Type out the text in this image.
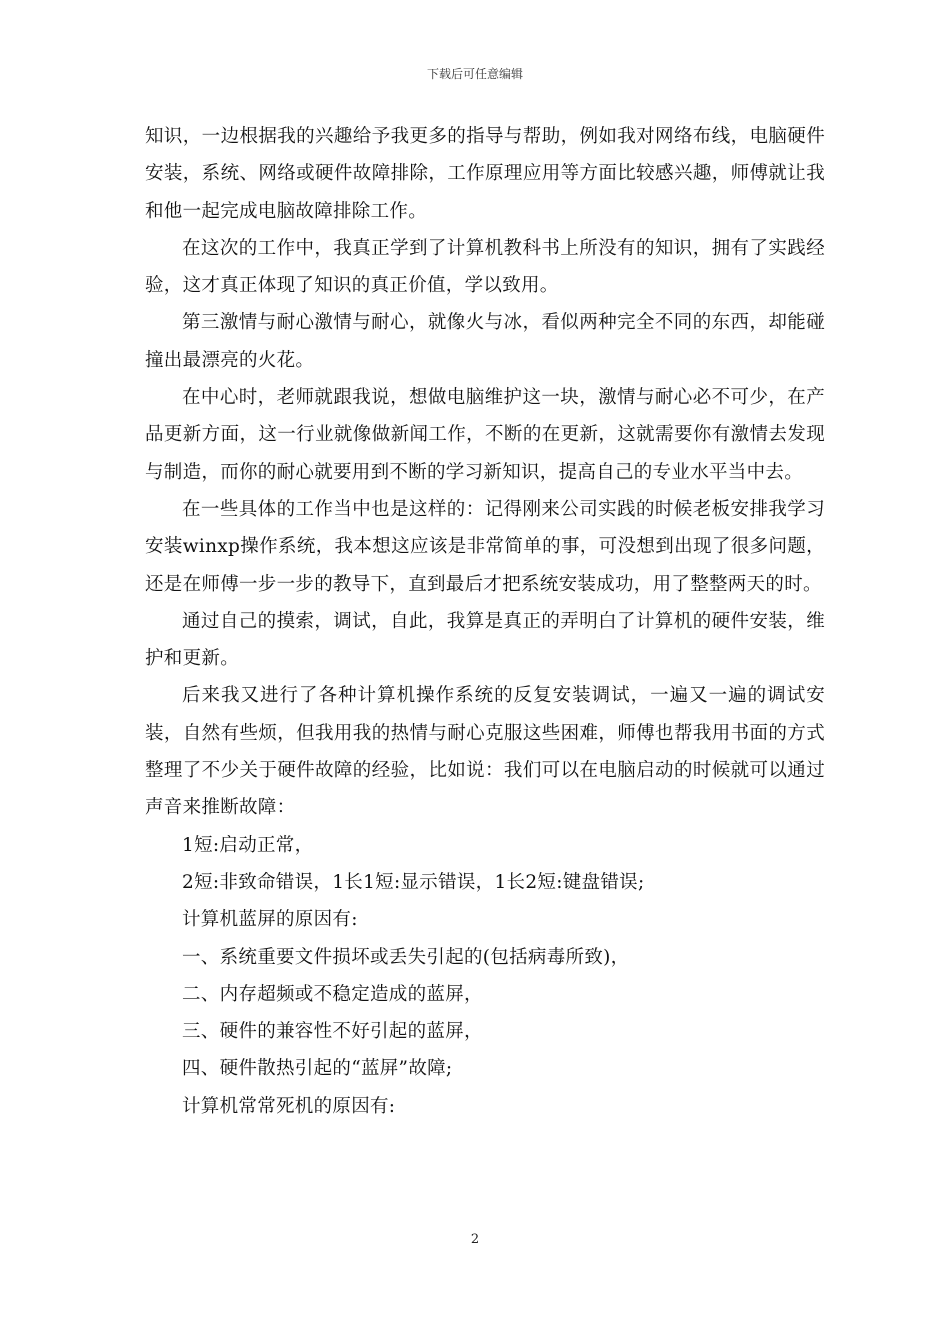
下载后可任意编辑

知识，一边根据我的兴趣给予我更多的指导与帮助，例如我对网络布线，电脑硬件安装，系统、网络或硬件故障排除，工作原理应用等方面比较感兴趣，师傅就让我和他一起完成电脑故障排除工作。

在这次的工作中，我真正学到了计算机教科书上所没有的知识，拥有了实践经验，这才真正体现了知识的真正价值，学以致用。

第三激情与耐心激情与耐心，就像火与冰，看似两种完全不同的东西，却能碰撞出最漂亮的火花。

在中心时，老师就跟我说，想做电脑维护这一块，激情与耐心必不可少，在产品更新方面，这一行业就像做新闻工作，不断的在更新，这就需要你有激情去发现与制造，而你的耐心就要用到不断的学习新知识，提高自己的专业水平当中去。

在一些具体的工作当中也是这样的：记得刚来公司实践的时候老板安排我学习安装winxp操作系统，我本想这应该是非常简单的事，可没想到出现了很多问题，还是在师傅一步一步的教导下，直到最后才把系统安装成功，用了整整两天的时。

通过自己的摸索，调试，自此，我算是真正的弄明白了计算机的硬件安装，维护和更新。

后来我又进行了各种计算机操作系统的反复安装调试，一遍又一遍的调试安装，自然有些烦，但我用我的热情与耐心克服这些困难，师傅也帮我用书面的方式整理了不少关于硬件故障的经验，比如说：我们可以在电脑启动的时候就可以通过声音来推断故障：

1短:启动正常，

2短:非致命错误，1长1短:显示错误，1长2短:键盘错误;

计算机蓝屏的原因有:

一、系统重要文件损坏或丢失引起的(包括病毒所致)，

二、内存超频或不稳定造成的蓝屏，

三、硬件的兼容性不好引起的蓝屏，

四、硬件散热引起的“蓝屏”故障;

计算机常常死机的原因有:

2
